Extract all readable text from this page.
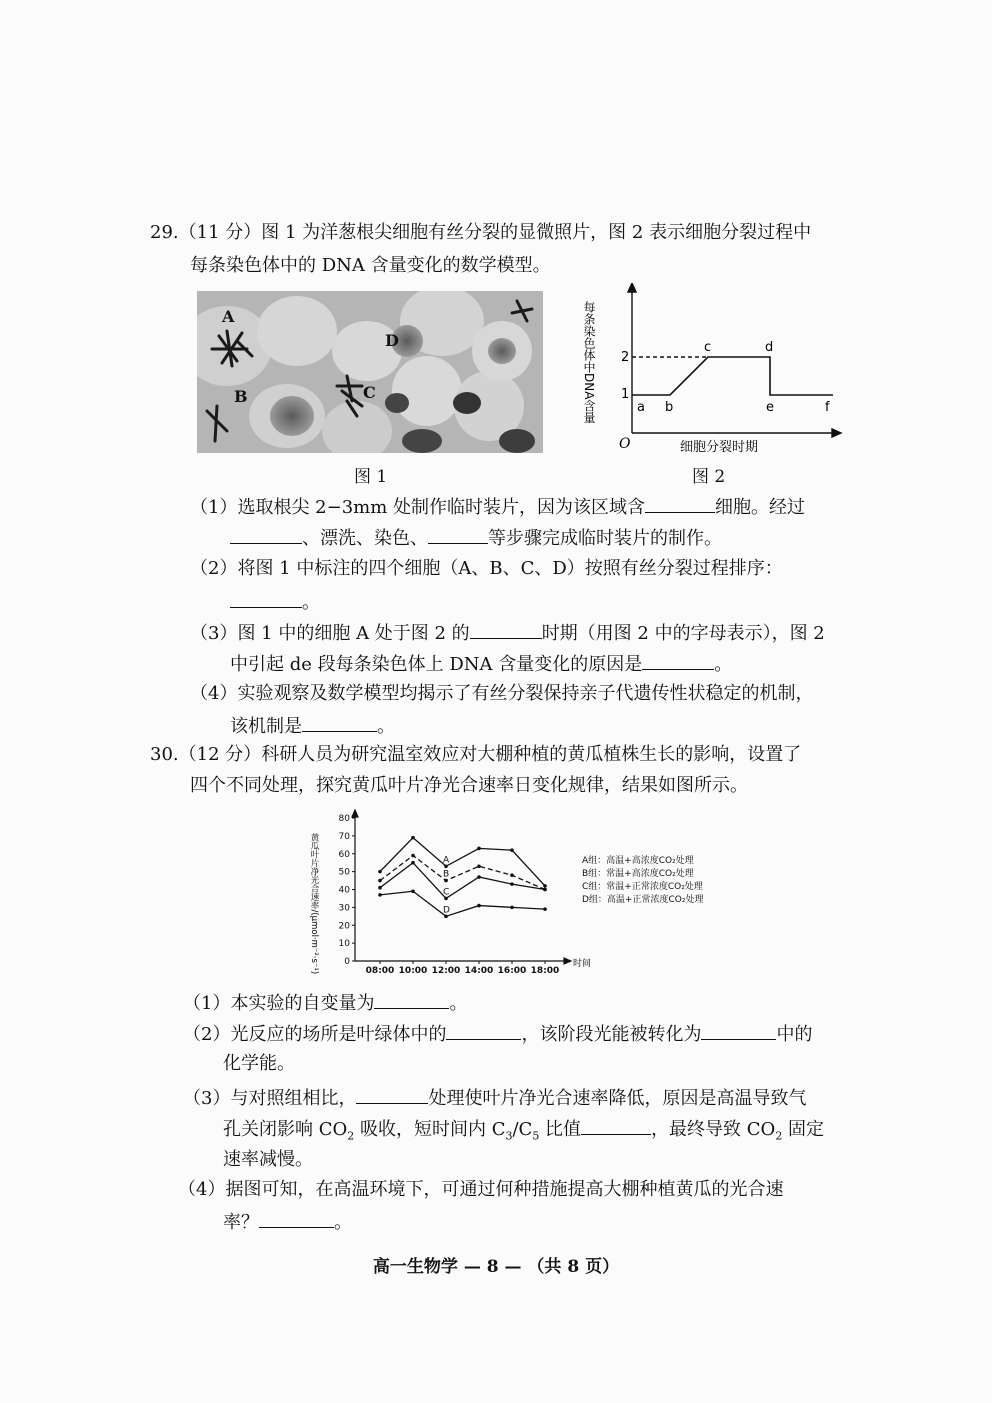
29.（11 分）图 1 为洋葱根尖细胞有丝分裂的显微照片，图 2 表示细胞分裂过程中
每条染色体中的 DNA 含量变化的数学模型。
A
B	C
D
图 1
2
1
a b
c	d
e	f
O	细胞分裂时期
每条染色体中DNA含量
图 2
（1）选取根尖 2−3mm 处制作临时装片，因为该区域含	细胞。经过
、漂洗、染色、	等步骤完成临时装片的制作。
（2）将图 1 中标注的四个细胞（A、B、C、D）按照有丝分裂过程排序：
。
（3）图 1 中的细胞 A 处于图 2 的	时期（用图 2 中的字母表示），图 2
中引起 de 段每条染色体上 DNA 含量变化的原因是	。
（4）实验观察及数学模型均揭示了有丝分裂保持亲子代遗传性状稳定的机制，
该机制是	。
30.（12 分）科研人员为研究温室效应对大棚种植的黄瓜植株生长的影响，设置了
四个不同处理，探究黄瓜叶片净光合速率日变化规律，结果如图所示。
0
10
20
30
40
50
60
70
80
08:00 10:00 12:00 14:00 16:00 18:00
A
B
C
D
A组：高温+高浓度CO₂处理
B组：常温+高浓度CO₂处理
C组：常温+正常浓度CO₂处理
D组：高温+正常浓度CO₂处理
黄瓜叶片净光合速率/(μmol·m⁻²·s⁻¹)	时间
（1）本实验的自变量为	。
（2）光反应的场所是叶绿体中的	，该阶段光能被转化为	中的
化学能。
（3）与对照组相比，	处理使叶片净光合速率降低，原因是高温导致气
孔关闭影响 $CO_2$ 吸收，短时间内 $C_3/C_5$ 比值	，最终导致 $CO_2$ 固定
速率减慢。
（4）据图可知，在高温环境下，可通过何种措施提高大棚种植黄瓜的光合速
率？	。
高一生物学 — 8 — （共 8 页）
